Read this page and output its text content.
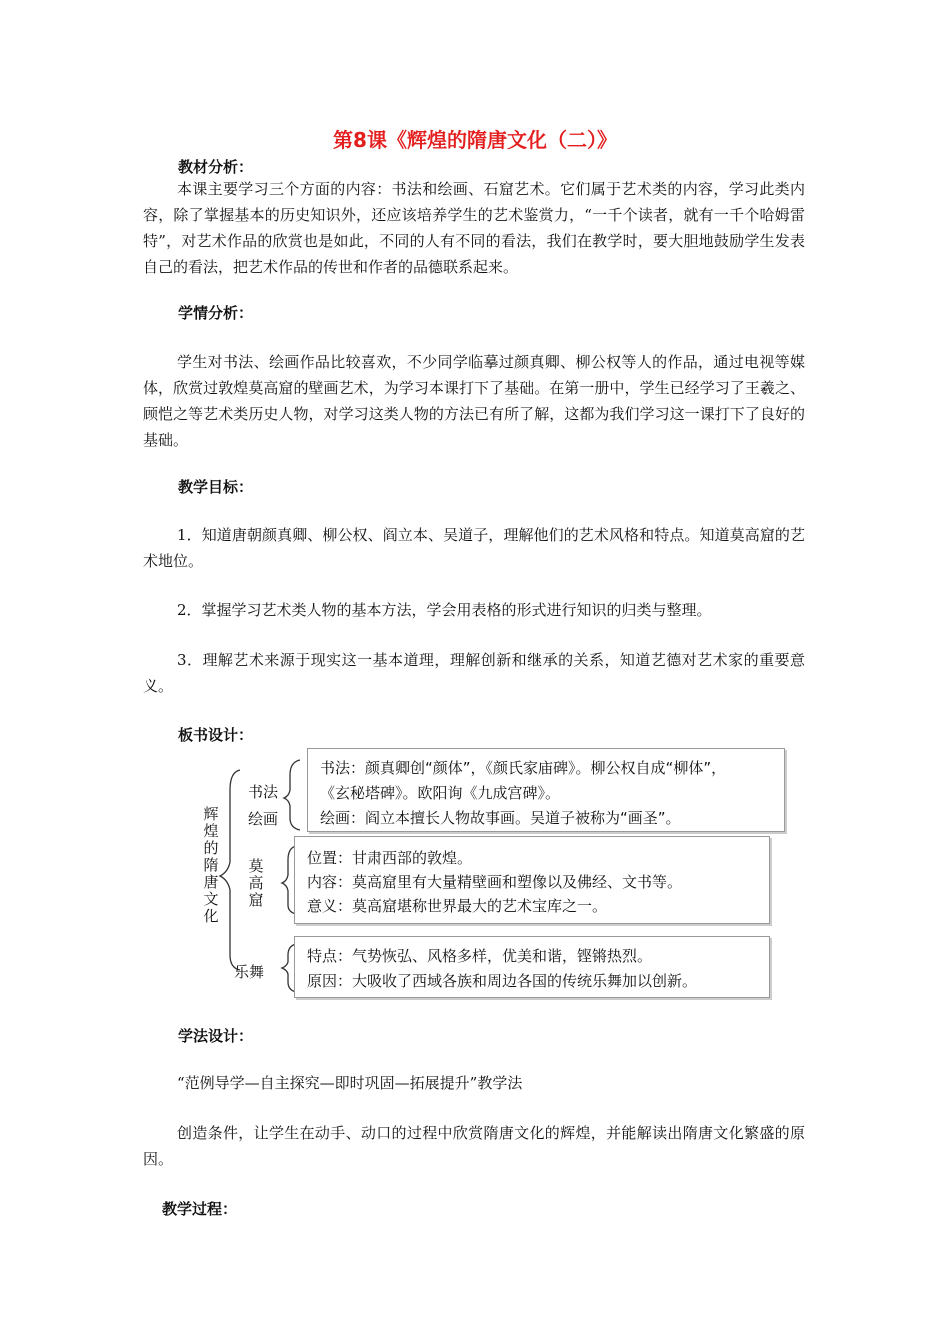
第8课《辉煌的隋唐文化（二）》
教材分析：
本课主要学习三个方面的内容：书法和绘画、石窟艺术。它们属于艺术类的内容，学习此类内容，除了掌握基本的历史知识外，还应该培养学生的艺术鉴赏力，“一千个读者，就有一千个哈姆雷特”，对艺术作品的欣赏也是如此，不同的人有不同的看法，我们在教学时，要大胆地鼓励学生发表自己的看法，把艺术作品的传世和作者的品德联系起来。
学情分析：
学生对书法、绘画作品比较喜欢，不少同学临摹过颜真卿、柳公权等人的作品，通过电视等媒体，欣赏过敦煌莫高窟的壁画艺术，为学习本课打下了基础。在第一册中，学生已经学习了王羲之、顾恺之等艺术类历史人物，对学习这类人物的方法已有所了解，这都为我们学习这一课打下了良好的基础。
教学目标：
1．知道唐朝颜真卿、柳公权、阎立本、吴道子，理解他们的艺术风格和特点。知道莫高窟的艺术地位。
2．掌握学习艺术类人物的基本方法，学会用表格的形式进行知识的归类与整理。
3．理解艺术来源于现实这一基本道理，理解创新和继承的关系，知道艺德对艺术家的重要意义。
板书设计：
辉煌的隋唐文化
书法
绘画
莫高窟
乐舞
书法：颜真卿创“颜体”，《颜氏家庙碑》。柳公权自成“柳体”，
《玄秘塔碑》。欧阳询《九成宫碑》。
绘画：阎立本擅长人物故事画。吴道子被称为“画圣”。
位置：甘肃西部的敦煌。
内容：莫高窟里有大量精壁画和塑像以及佛经、文书等。
意义：莫高窟堪称世界最大的艺术宝库之一。
特点：气势恢弘、风格多样，优美和谐，铿锵热烈。
原因：大吸收了西域各族和周边各国的传统乐舞加以创新。
学法设计：
“范例导学—自主探究—即时巩固—拓展提升”教学法
创造条件，让学生在动手、动口的过程中欣赏隋唐文化的辉煌，并能解读出隋唐文化繁盛的原因。
教学过程：
